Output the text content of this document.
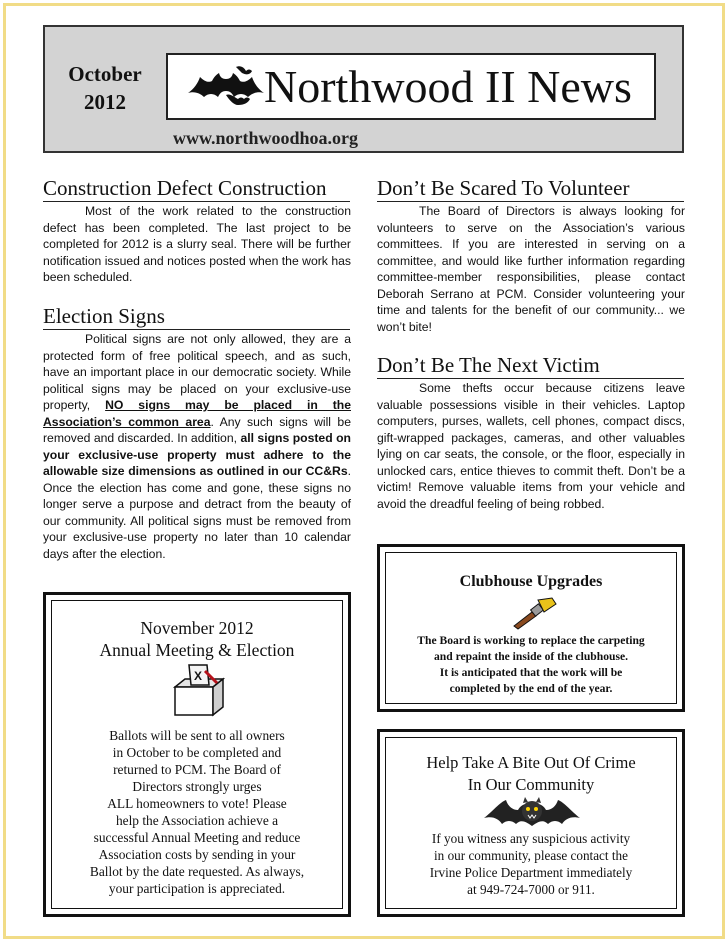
October
2012	Northwood II News
www.northwoodhoa.org
Construction Defect Construction

Most of the work related to the construction defect has been completed. The last project to be completed for 2012 is a slurry seal. There will be further notification issued and notices posted when the work has been scheduled.

Election Signs

Political signs are not only allowed, they are a protected form of free political speech, and as such, have an important place in our democratic society. While political signs may be placed on your exclusive-use property, NO signs may be placed in the Association’s common area. Any such signs will be removed and discarded. In addition, all signs posted on your exclusive-use property must adhere to the allowable size dimensions as outlined in our CC&Rs. Once the election has come and gone, these signs no longer serve a purpose and detract from the beauty of our community. All political signs must be removed from your exclusive-use property no later than 10 calendar days after the election.

November 2012
Annual Meeting & Election
X
Ballots will be sent to all owners
in October to be completed and
returned to PCM. The Board of
Directors strongly urges
ALL homeowners to vote! Please
help the Association achieve a
successful Annual Meeting and reduce
Association costs by sending in your
Ballot by the date requested. As always,
your participation is appreciated.
Don’t Be Scared To Volunteer

The Board of Directors is always looking for volunteers to serve on the Association’s various committees. If you are interested in serving on a committee, and would like further information regarding committee-member responsibilities, please contact Deborah Serrano at PCM. Consider volunteering your time and talents for the benefit of our community... we won’t bite!

Don’t Be The Next Victim

Some thefts occur because citizens leave valuable possessions visible in their vehicles. Laptop computers, purses, wallets, cell phones, compact discs, gift-wrapped packages, cameras, and other valuables lying on car seats, the console, or the floor, especially in unlocked cars, entice thieves to commit theft. Don’t be a victim! Remove valuable items from your vehicle and avoid the dreadful feeling of being robbed.

Clubhouse Upgrades
The Board is working to replace the carpeting
and repaint the inside of the clubhouse.
It is anticipated that the work will be
completed by the end of the year.
Help Take A Bite Out Of Crime
In Our Community
If you witness any suspicious activity
in our community, please contact the
Irvine Police Department immediately
at 949-724-7000 or 911.
